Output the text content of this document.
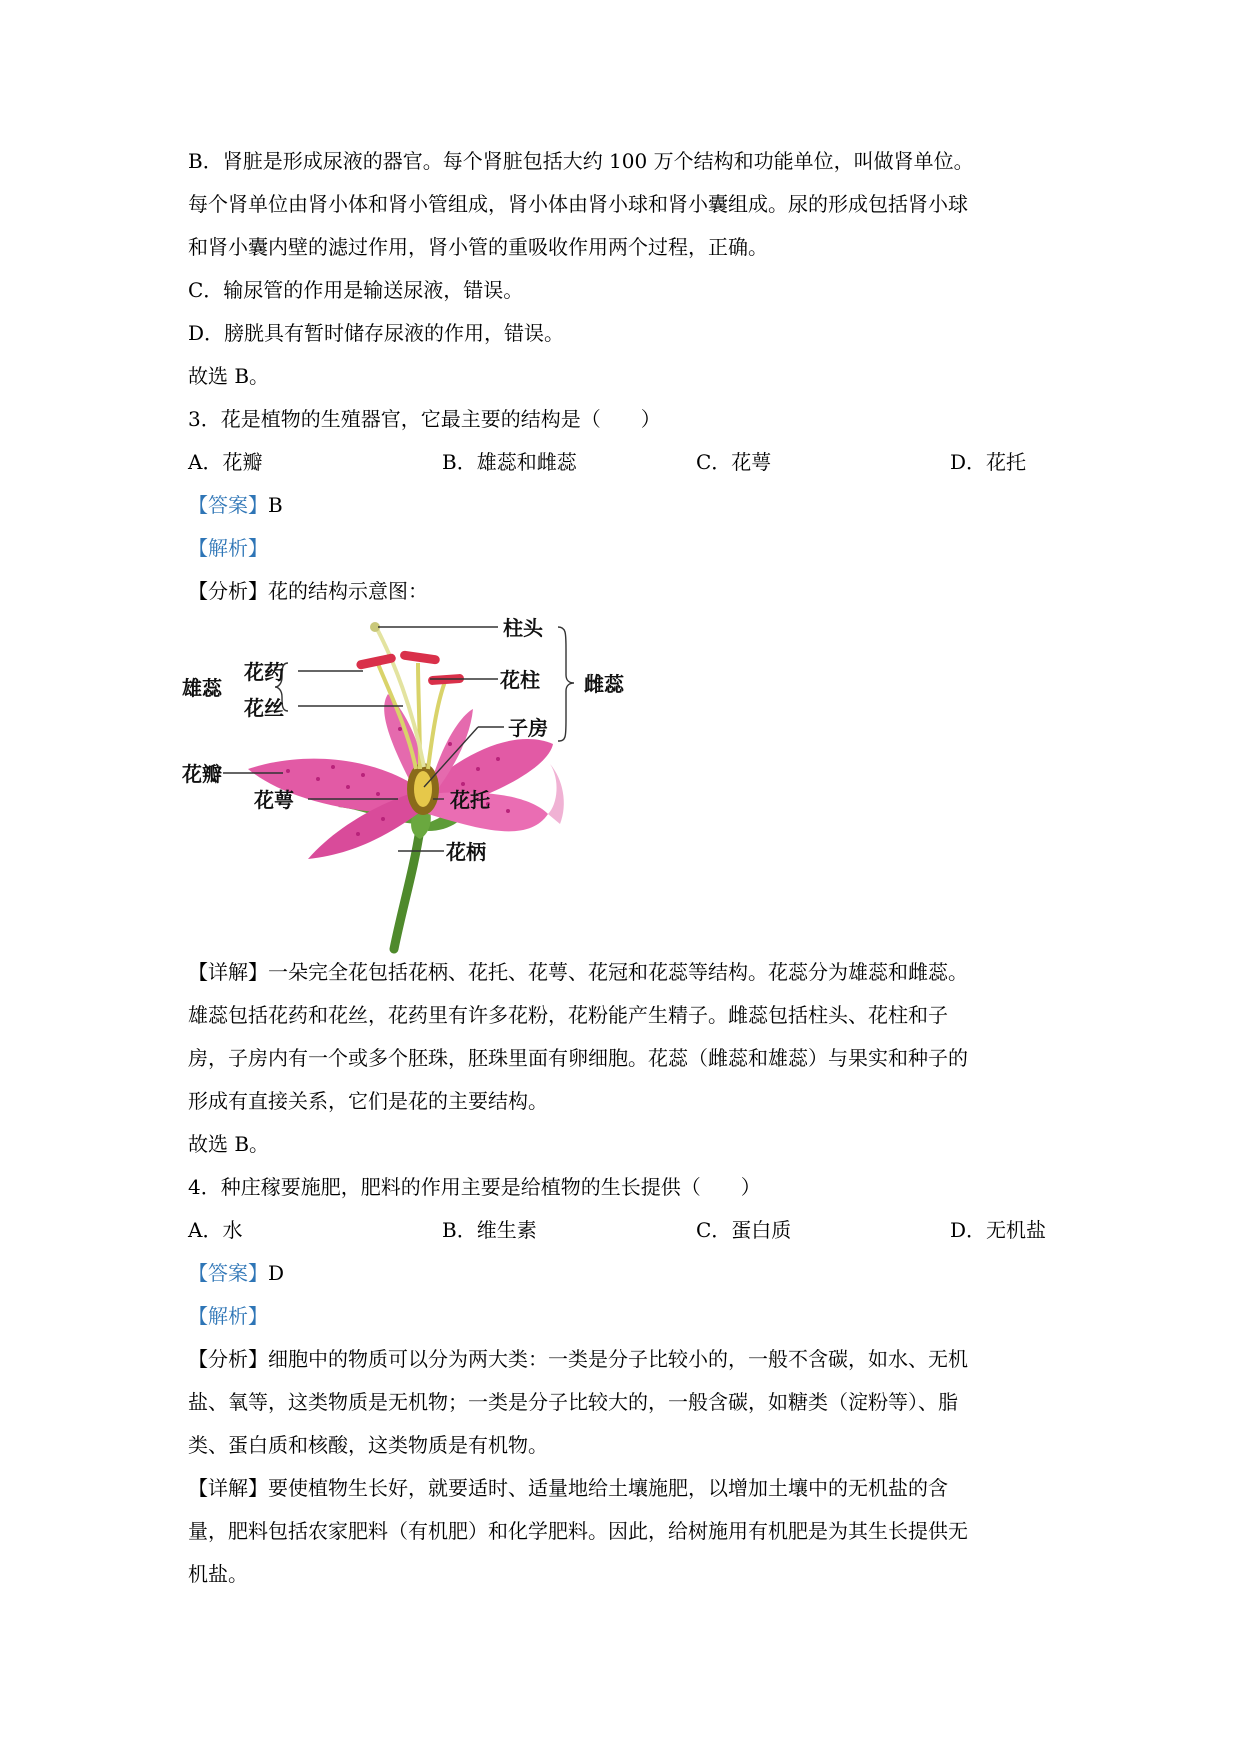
B．肾脏是形成尿液的器官。每个肾脏包括大约 100 万个结构和功能单位，叫做肾单位。
每个肾单位由肾小体和肾小管组成，肾小体由肾小球和肾小囊组成。尿的形成包括肾小球
和肾小囊内壁的滤过作用，肾小管的重吸收作用两个过程，正确。
C．输尿管的作用是输送尿液，错误。
D．膀胱具有暂时储存尿液的作用，错误。
故选 B。
3．花是植物的生殖器官，它最主要的结构是（　　）
A．花瓣	B．雄蕊和雌蕊	C．花萼	D．花托
【答案】B
【解析】
【分析】花的结构示意图：
柱头
花药
雄蕊	花柱 雌蕊
花丝
子房
花瓣
花萼	花托
花柄
【详解】一朵完全花包括花柄、花托、花萼、花冠和花蕊等结构。花蕊分为雄蕊和雌蕊。
雄蕊包括花药和花丝，花药里有许多花粉，花粉能产生精子。雌蕊包括柱头、花柱和子
房，子房内有一个或多个胚珠，胚珠里面有卵细胞。花蕊（雌蕊和雄蕊）与果实和种子的
形成有直接关系，它们是花的主要结构。
故选 B。
4．种庄稼要施肥，肥料的作用主要是给植物的生长提供（　　）
A．水	B．维生素	C．蛋白质	D．无机盐
【答案】D
【解析】
【分析】细胞中的物质可以分为两大类：一类是分子比较小的，一般不含碳，如水、无机
盐、氧等，这类物质是无机物；一类是分子比较大的，一般含碳，如糖类（淀粉等）、脂
类、蛋白质和核酸，这类物质是有机物。
【详解】要使植物生长好，就要适时、适量地给土壤施肥，以增加土壤中的无机盐的含
量，肥料包括农家肥料（有机肥）和化学肥料。因此，给树施用有机肥是为其生长提供无
机盐。
